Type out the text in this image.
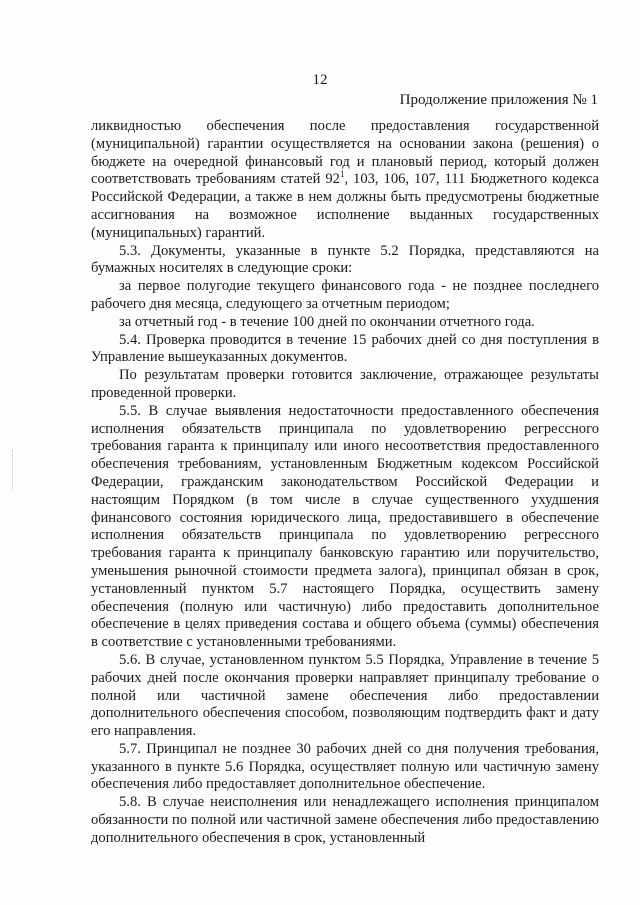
12
Продолжение приложения № 1

ликвидностью обеспечения после предоставления государственной (муниципальной) гарантии осуществляется на основании закона (решения) о бюджете на очередной финансовый год и плановый период, который должен соответствовать требованиям статей $92^1$, 103, 106, 107, 111 Бюджетного кодекса Российской Федерации, а также в нем должны быть предусмотрены бюджетные ассигнования на возможное исполнение выданных государственных (муниципальных) гарантий.

5.3. Документы, указанные в пункте 5.2 Порядка, представляются на бумажных носителях в следующие сроки:

за первое полугодие текущего финансового года - не позднее последнего рабочего дня месяца, следующего за отчетным периодом;

за отчетный год - в течение 100 дней по окончании отчетного года.

5.4. Проверка проводится в течение 15 рабочих дней со дня поступления в Управление вышеуказанных документов.

По результатам проверки готовится заключение, отражающее результаты проведенной проверки.

5.5. В случае выявления недостаточности предоставленного обеспечения исполнения обязательств принципала по удовлетворению регрессного требования гаранта к принципалу или иного несоответствия предоставленного обеспечения требованиям, установленным Бюджетным кодексом Российской Федерации, гражданским законодательством Российской Федерации и настоящим Порядком (в том числе в случае существенного ухудшения финансового состояния юридического лица, предоставившего в обеспечение исполнения обязательств принципала по удовлетворению регрессного требования гаранта к принципалу банковскую гарантию или поручительство, уменьшения рыночной стоимости предмета залога), принципал обязан в срок, установленный пунктом 5.7 настоящего Порядка, осуществить замену обеспечения (полную или частичную) либо предоставить дополнительное обеспечение в целях приведения состава и общего объема (суммы) обеспечения в соответствие с установленными требованиями.

5.6. В случае, установленном пунктом 5.5 Порядка, Управление в течение 5 рабочих дней после окончания проверки направляет принципалу требование о полной или частичной замене обеспечения либо предоставлении дополнительного обеспечения способом, позволяющим подтвердить факт и дату его направления.

5.7. Принципал не позднее 30 рабочих дней со дня получения требования, указанного в пункте 5.6 Порядка, осуществляет полную или частичную замену обеспечения либо предоставляет дополнительное обеспечение.

5.8. В случае неисполнения или ненадлежащего исполнения принципалом обязанности по полной или частичной замене обеспечения либо предоставлению дополнительного обеспечения в срок, установленный
